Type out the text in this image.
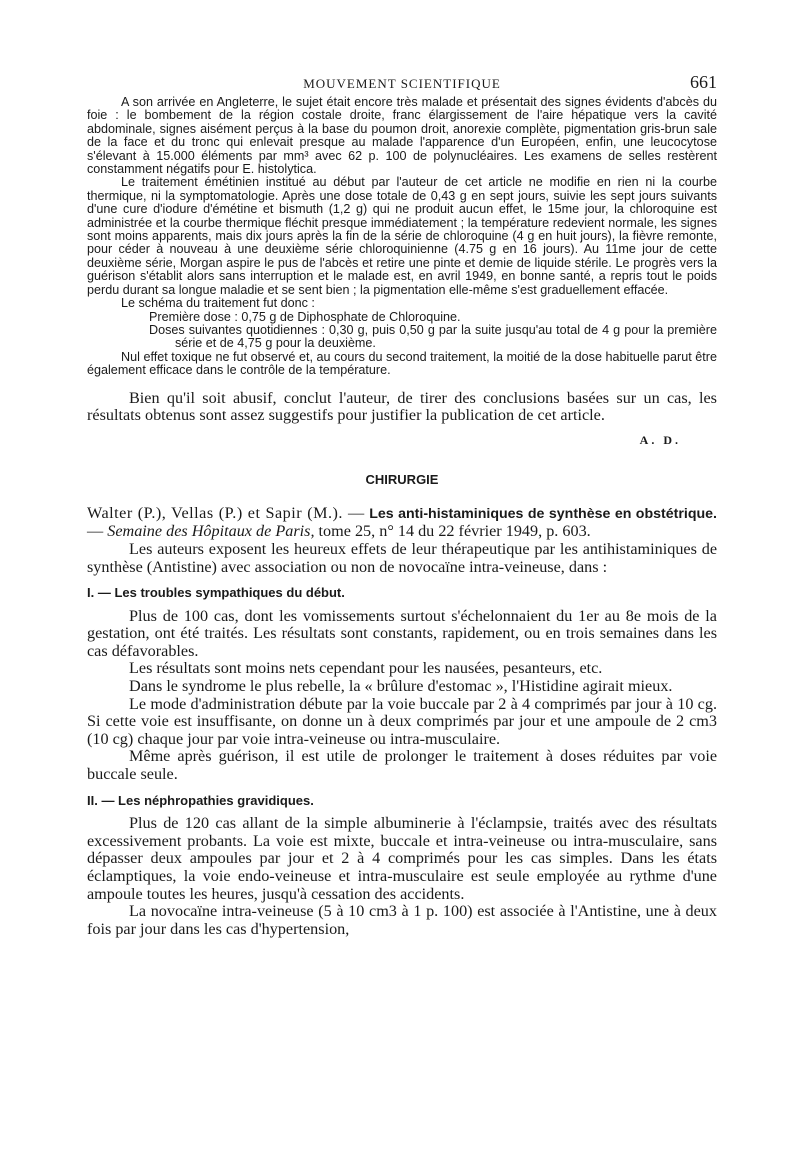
MOUVEMENT SCIENTIFIQUE	661

A son arrivée en Angleterre, le sujet était encore très malade et présentait des signes évidents d'abcès du foie : le bombement de la région costale droite, franc élargissement de l'aire hépatique vers la cavité abdominale, signes aisément perçus à la base du poumon droit, anorexie complète, pigmentation gris-brun sale de la face et du tronc qui enlevait presque au malade l'apparence d'un Européen, enfin, une leucocytose s'élevant à 15.000 éléments par mm³ avec 62 p. 100 de polynucléaires. Les examens de selles restèrent constamment négatifs pour E. histolytica.

Le traitement émétinien institué au début par l'auteur de cet article ne modifie en rien ni la courbe thermique, ni la symptomatologie. Après une dose totale de 0,43 g en sept jours, suivie les sept jours suivants d'une cure d'iodure d'émétine et bismuth (1,2 g) qui ne produit aucun effet, le 15me jour, la chloroquine est administrée et la courbe thermique fléchit presque immédiatement ; la température redevient normale, les signes sont moins apparents, mais dix jours après la fin de la série de chloroquine (4 g en huit jours), la fièvre remonte, pour céder à nouveau à une deuxième série chloroquinienne (4.75 g en 16 jours). Au 11me jour de cette deuxième série, Morgan aspire le pus de l'abcès et retire une pinte et demie de liquide stérile. Le progrès vers la guérison s'établit alors sans interruption et le malade est, en avril 1949, en bonne santé, a repris tout le poids perdu durant sa longue maladie et se sent bien ; la pigmentation elle-même s'est graduellement effacée.

Le schéma du traitement fut donc :

Première dose : 0,75 g de Diphosphate de Chloroquine.
Doses suivantes quotidiennes : 0,30 g, puis 0,50 g par la suite jusqu'au total de 4 g pour la première série et de 4,75 g pour la deuxième.

Nul effet toxique ne fut observé et, au cours du second traitement, la moitié de la dose habituelle parut être également efficace dans le contrôle de la température.

Bien qu'il soit abusif, conclut l'auteur, de tirer des conclusions basées sur un cas, les résultats obtenus sont assez suggestifs pour justifier la publication de cet article.

A. D.
CHIRURGIE

Walter (P.), Vellas (P.) et Sapir (M.). — Les anti-histaminiques de synthèse en obstétrique. — Semaine des Hôpitaux de Paris, tome 25, n° 14 du 22 février 1949, p. 603.

Les auteurs exposent les heureux effets de leur thérapeutique par les antihistaminiques de synthèse (Antistine) avec association ou non de novocaïne intra-veineuse, dans :

I. — Les troubles sympathiques du début.

Plus de 100 cas, dont les vomissements surtout s'échelonnaient du 1er au 8e mois de la gestation, ont été traités. Les résultats sont constants, rapidement, ou en trois semaines dans les cas défavorables.

Les résultats sont moins nets cependant pour les nausées, pesanteurs, etc.

Dans le syndrome le plus rebelle, la « brûlure d'estomac », l'Histidine agirait mieux.

Le mode d'administration débute par la voie buccale par 2 à 4 comprimés par jour à 10 cg. Si cette voie est insuffisante, on donne un à deux comprimés par jour et une ampoule de 2 cm3 (10 cg) chaque jour par voie intra-veineuse ou intra-musculaire.

Même après guérison, il est utile de prolonger le traitement à doses réduites par voie buccale seule.

II. — Les néphropathies gravidiques.

Plus de 120 cas allant de la simple albuminerie à l'éclampsie, traités avec des résultats excessivement probants. La voie est mixte, buccale et intra-veineuse ou intra-musculaire, sans dépasser deux ampoules par jour et 2 à 4 comprimés pour les cas simples. Dans les états éclamptiques, la voie endo-veineuse et intra-musculaire est seule employée au rythme d'une ampoule toutes les heures, jusqu'à cessation des accidents.

La novocaïne intra-veineuse (5 à 10 cm3 à 1 p. 100) est associée à l'Antistine, une à deux fois par jour dans les cas d'hypertension,
